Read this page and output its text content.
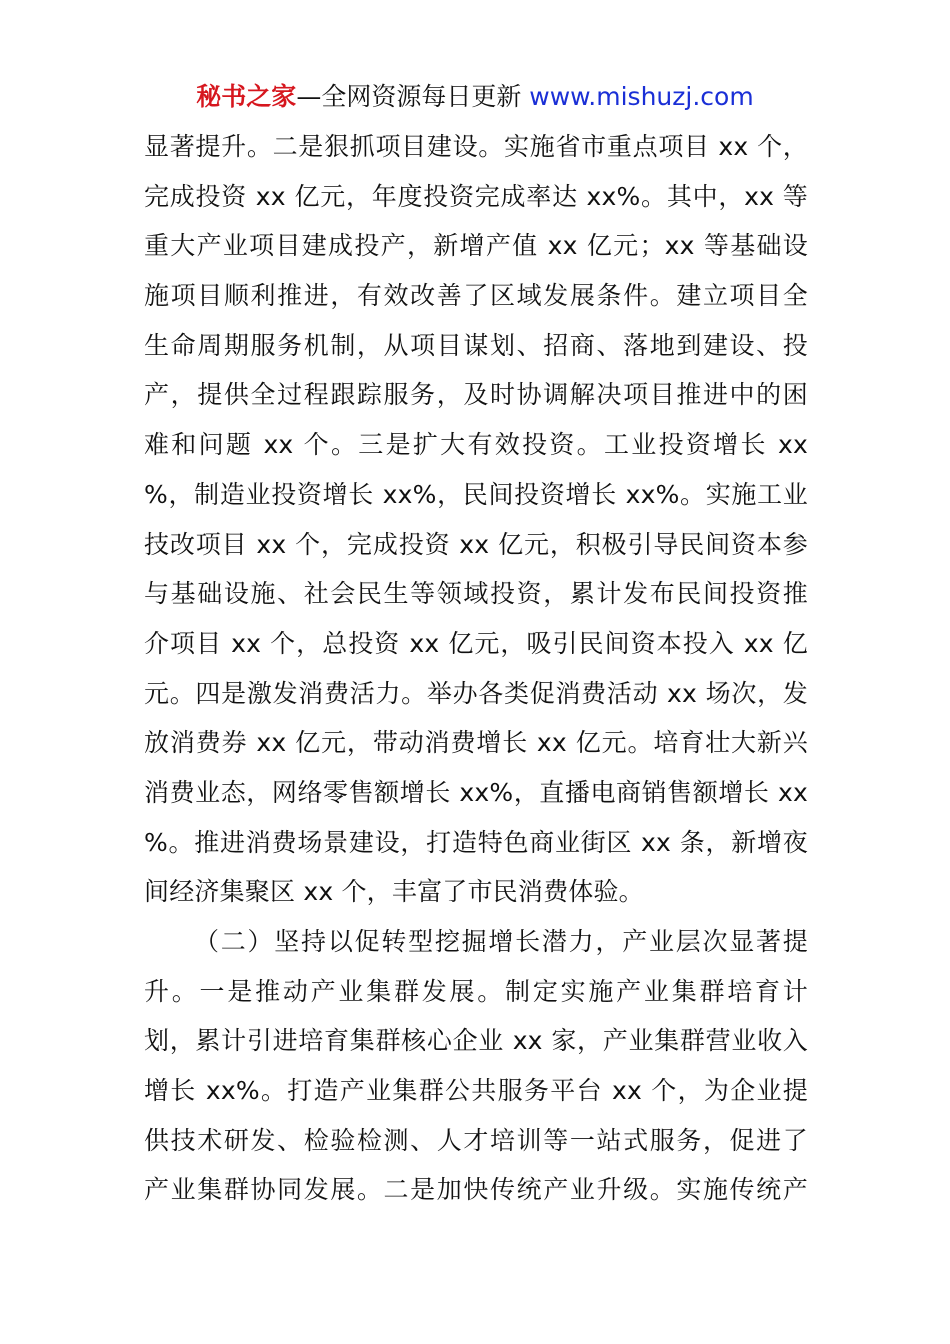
秘书之家—全网资源每日更新 www.mishuzj.com
显著提升。二是狠抓项目建设。实施省市重点项目 xx 个，
完成投资 xx 亿元，年度投资完成率达 xx%。其中，xx 等
重大产业项目建成投产，新增产值 xx 亿元；xx 等基础设
施项目顺利推进，有效改善了区域发展条件。建立项目全
生命周期服务机制，从项目谋划、招商、落地到建设、投
产，提供全过程跟踪服务，及时协调解决项目推进中的困
难和问题 xx 个。三是扩大有效投资。工业投资增长 xx
%，制造业投资增长 xx%，民间投资增长 xx%。实施工业
技改项目 xx 个，完成投资 xx 亿元，积极引导民间资本参
与基础设施、社会民生等领域投资，累计发布民间投资推
介项目 xx 个，总投资 xx 亿元，吸引民间资本投入 xx 亿
元。四是激发消费活力。举办各类促消费活动 xx 场次，发
放消费券 xx 亿元，带动消费增长 xx 亿元。培育壮大新兴
消费业态，网络零售额增长 xx%，直播电商销售额增长 xx
%。推进消费场景建设，打造特色商业街区 xx 条，新增夜
间经济集聚区 xx 个，丰富了市民消费体验。
（二）坚持以促转型挖掘增长潜力，产业层次显著提
升。一是推动产业集群发展。制定实施产业集群培育计
划，累计引进培育集群核心企业 xx 家，产业集群营业收入
增长 xx%。打造产业集群公共服务平台 xx 个，为企业提
供技术研发、检验检测、人才培训等一站式服务，促进了
产业集群协同发展。二是加快传统产业升级。实施传统产
